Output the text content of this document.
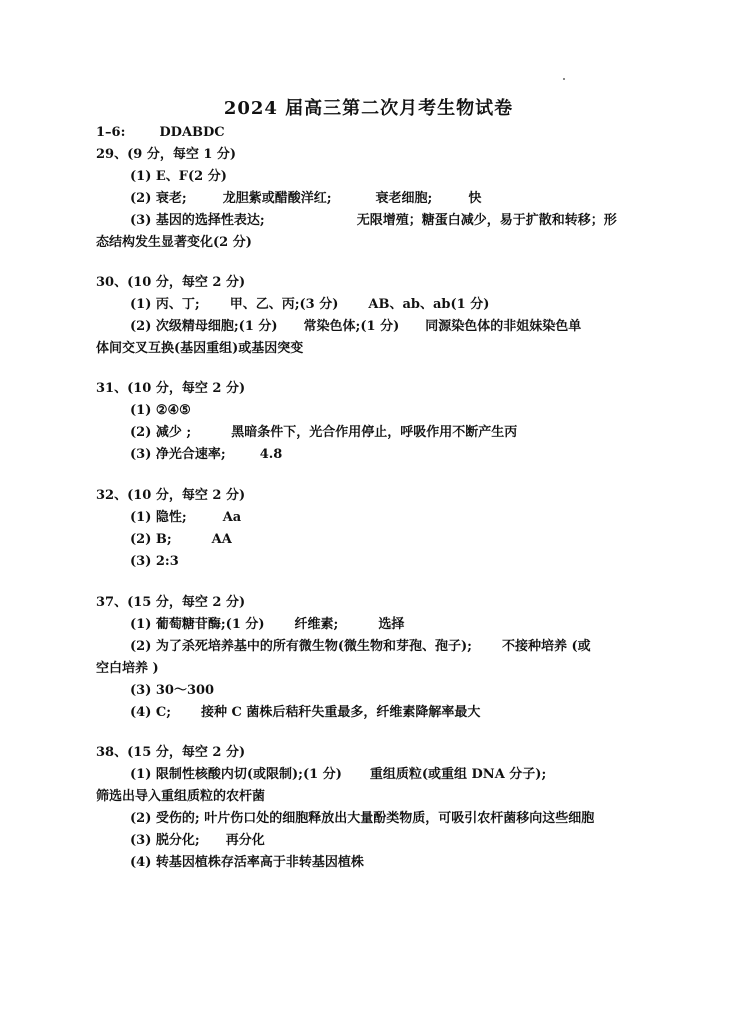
2024 届高三第二次月考生物试卷
1–6:	DDABDC
29、(9 分，每空 1 分)
(1) E、F(2 分)
(2) 衰老;	龙胆紫或醋酸洋红;	衰老细胞;	快
(3) 基因的选择性表达;	无限增殖；糖蛋白减少，易于扩散和转移；形
态结构发生显著变化(2 分)
30、(10 分，每空 2 分)
(1) 丙、丁; 甲、乙、丙;(3 分) AB、ab、ab(1 分)
(2) 次级精母细胞;(1 分) 常染色体;(1 分) 同源染色体的非姐妹染色单
体间交叉互换(基因重组)或基因突变
31、(10 分，每空 2 分)
(1) ②④⑤
(2) 减少 ;	黑暗条件下，光合作用停止，呼吸作用不断产生丙
(3) 净光合速率;	4.8
32、(10 分，每空 2 分)
(1) 隐性;	Aa
(2) B;	AA
(3) 2:3
37、(15 分，每空 2 分)
(1) 葡萄糖苷酶;(1 分) 纤维素;	选择
(2) 为了杀死培养基中的所有微生物(微生物和芽孢、孢子); 不接种培养 (或
空白培养 )
(3) 30～300
(4) C; 接种 C 菌株后秸秆失重最多，纤维素降解率最大
38、(15 分，每空 2 分)
(1) 限制性核酸内切(或限制);(1 分) 重组质粒(或重组 DNA 分子);
筛选出导入重组质粒的农杆菌
(2) 受伤的; 叶片伤口处的细胞释放出大量酚类物质，可吸引农杆菌移向这些细胞
(3) 脱分化; 再分化
(4) 转基因植株存活率高于非转基因植株
